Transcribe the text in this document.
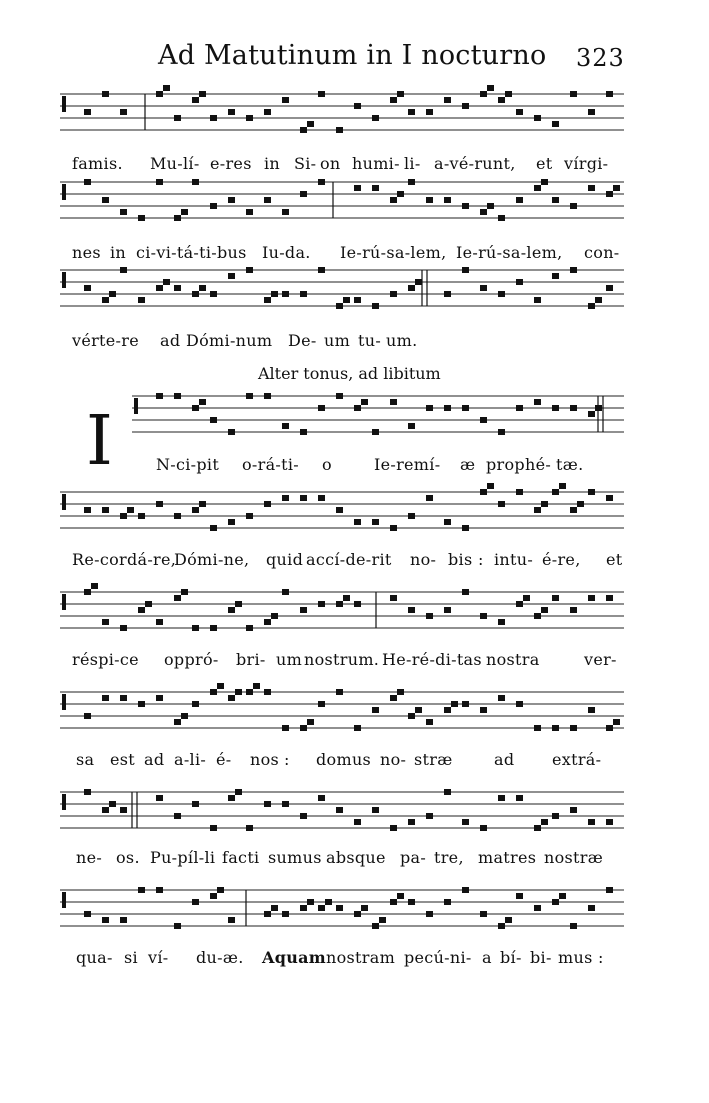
Ad Matutinum in I nocturno 323
Alter tonus, ad libitum
I
famis. Mu-lí- e-res in Si- on humi- li- a-vé-runt, et vírgi-
nes in ci-vi-tá-ti-bus Iu-da. Ie-rú-sa-lem, Ie-rú-sa-lem, con-
vérte-re ad Dómi-num De- um tu- um.
N-ci-pit o-rá-ti- o	Ie-remí- æ prophé- tæ.
Re-cordá-re,
Dómi-ne, quid accí-de-rit no- bis : intu- é-re, et
réspi-ce oppró- bri- um nostrum. He-ré-di-tas nostra	ver-
sa est ad a-li- é- nos : domus no- stræ	ad extrá-
ne- os. Pu-píl-li facti sumus absque pa- tre, matres nostræ
qua- si ví- du-æ. Aquam nostram pecú-ni- a bí- bi- mus :
